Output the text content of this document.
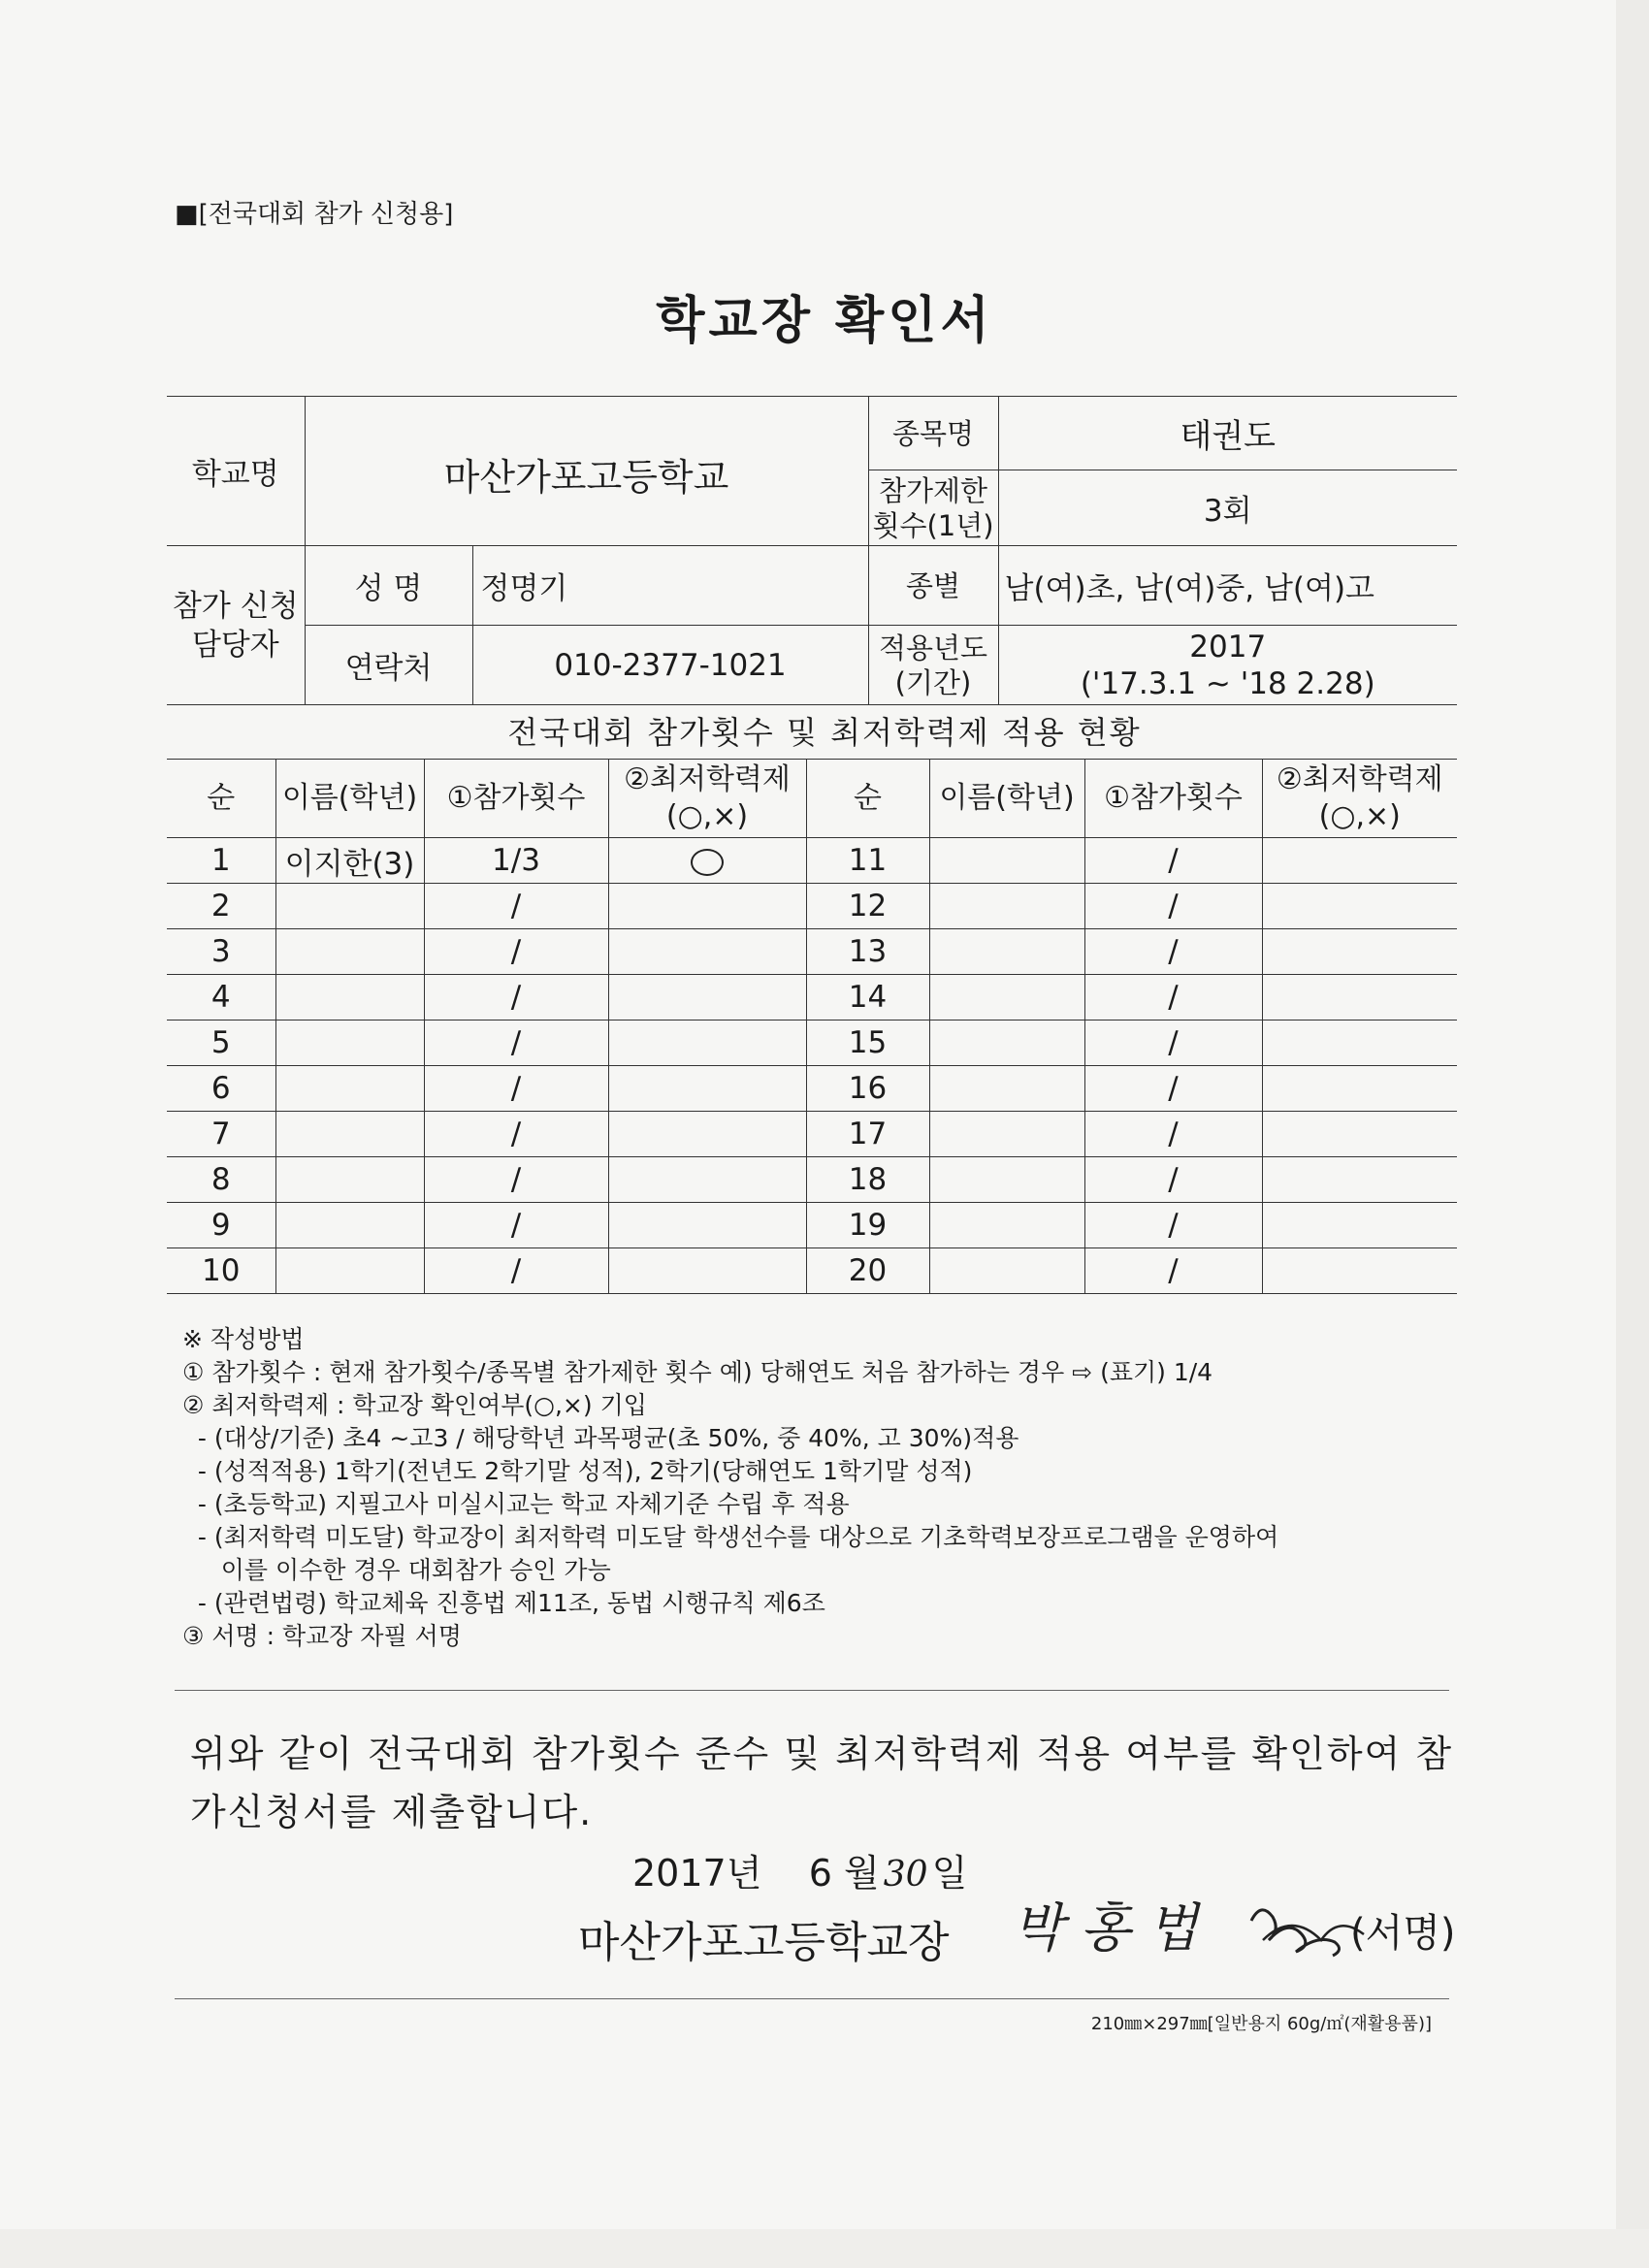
■[전국대회 참가 신청용]
학교장 확인서
학교명	마산가포고등학교		종목명	태권도
			참가제한 횟수(1년)	3회
참가 신청 담당자	성 명	정명기	종별	남(여)초, 남(여)중, 남(여)고
	연락처	010-2377-1021	적용년도 (기간)	2017
('17.3.1 ~ '18 2.28)
전국대회 참가횟수 및 최저학력제 적용 현황
순	이름(학년)	①참가횟수	②최저학력제 (○,×)	순	이름(학년)	①참가횟수	②최저학력제 (○,×)
1	이지한(3)	1/3		11		/	
2		/		12		/	
3		/		13		/	
4		/		14		/	
5		/		15		/	
6		/		16		/	
7		/		17		/	
8		/		18		/	
9		/		19		/	
10		/		20		/	
※ 작성방법
① 참가횟수 : 현재 참가횟수/종목별 참가제한 횟수 예) 당해연도 처음 참가하는 경우 ⇨ (표기) 1/4
② 최저학력제 : 학교장 확인여부(○,×) 기입
- (대상/기준) 초4 ~고3 / 해당학년 과목평균(초 50%, 중 40%, 고 30%)적용
- (성적적용) 1학기(전년도 2학기말 성적), 2학기(당해연도 1학기말 성적)
- (초등학교) 지필고사 미실시교는 학교 자체기준 수립 후 적용
- (최저학력 미도달) 학교장이 최저학력 미도달 학생선수를 대상으로 기초학력보장프로그램을 운영하여
이를 이수한 경우 대회참가 승인 가능
- (관련법령) 학교체육 진흥법 제11조, 동법 시행규칙 제6조
③ 서명 : 학교장 자필 서명
위와 같이 전국대회 참가횟수 준수 및 최저학력제 적용 여부를 확인하여 참가신청서를 제출합니다.
2017년 6 월 30 일
마산가포고등학교장 박 홍 법	(서명)
210㎜×297㎜[일반용지 60g/㎡(재활용품)]
